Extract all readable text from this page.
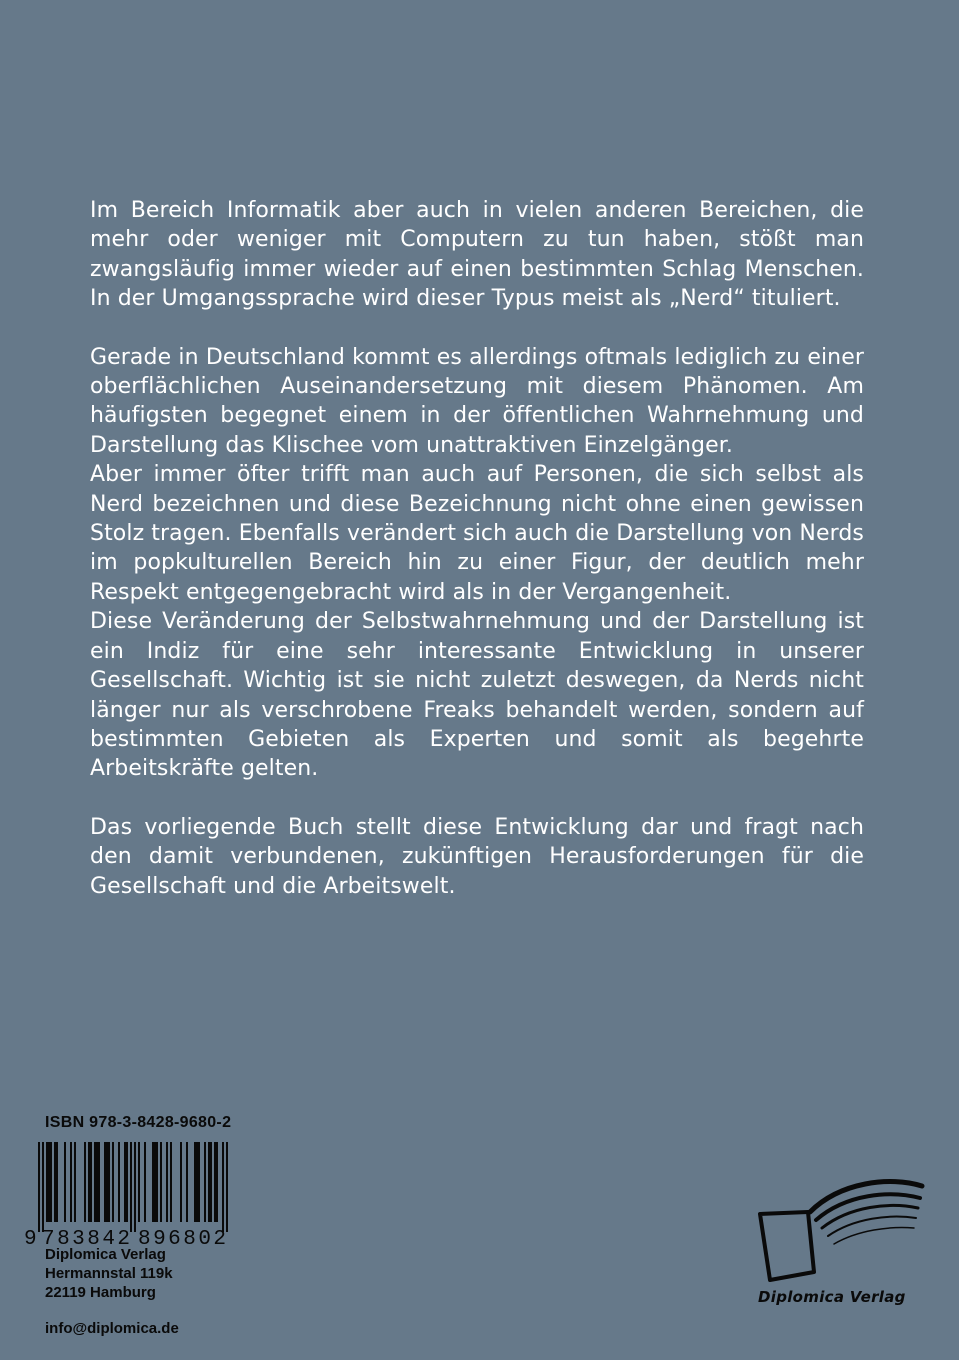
Im Bereich Informatik aber auch in vielen anderen Bereichen, die mehr oder weniger mit Computern zu tun haben, stößt man zwangsläufig immer wieder auf einen bestimmten Schlag Menschen. In der Umgangssprache wird dieser Typus meist als „Nerd“ tituliert.

Gerade in Deutschland kommt es allerdings oftmals lediglich zu einer oberflächlichen Auseinandersetzung mit diesem Phänomen. Am häufigsten begegnet einem in der öffentlichen Wahrnehmung und Darstellung das Klischee vom unattraktiven Einzelgänger.

Aber immer öfter trifft man auch auf Personen, die sich selbst als Nerd bezeichnen und diese Bezeichnung nicht ohne einen gewissen Stolz tragen. Ebenfalls verändert sich auch die Darstellung von Nerds im popkulturellen Bereich hin zu einer Figur, der deutlich mehr Respekt entgegengebracht wird als in der Vergangenheit.

Diese Veränderung der Selbstwahrnehmung und der Darstellung ist ein Indiz für eine sehr interessante Entwicklung in unserer Gesellschaft. Wichtig ist sie nicht zuletzt deswegen, da Nerds nicht länger nur als verschrobene Freaks behandelt werden, sondern auf bestimmten Gebieten als Experten und somit als begehrte Arbeitskräfte gelten.

Das vorliegende Buch stellt diese Entwicklung dar und fragt nach den damit verbundenen, zukünftigen Herausforderungen für die Gesellschaft und die Arbeitswelt.

ISBN 978-3-8428-9680-2
9 783842 896802
Diplomica Verlag
Hermannstal 119k
22119 Hamburg
info@diplomica.de
Diplomica Verlag
